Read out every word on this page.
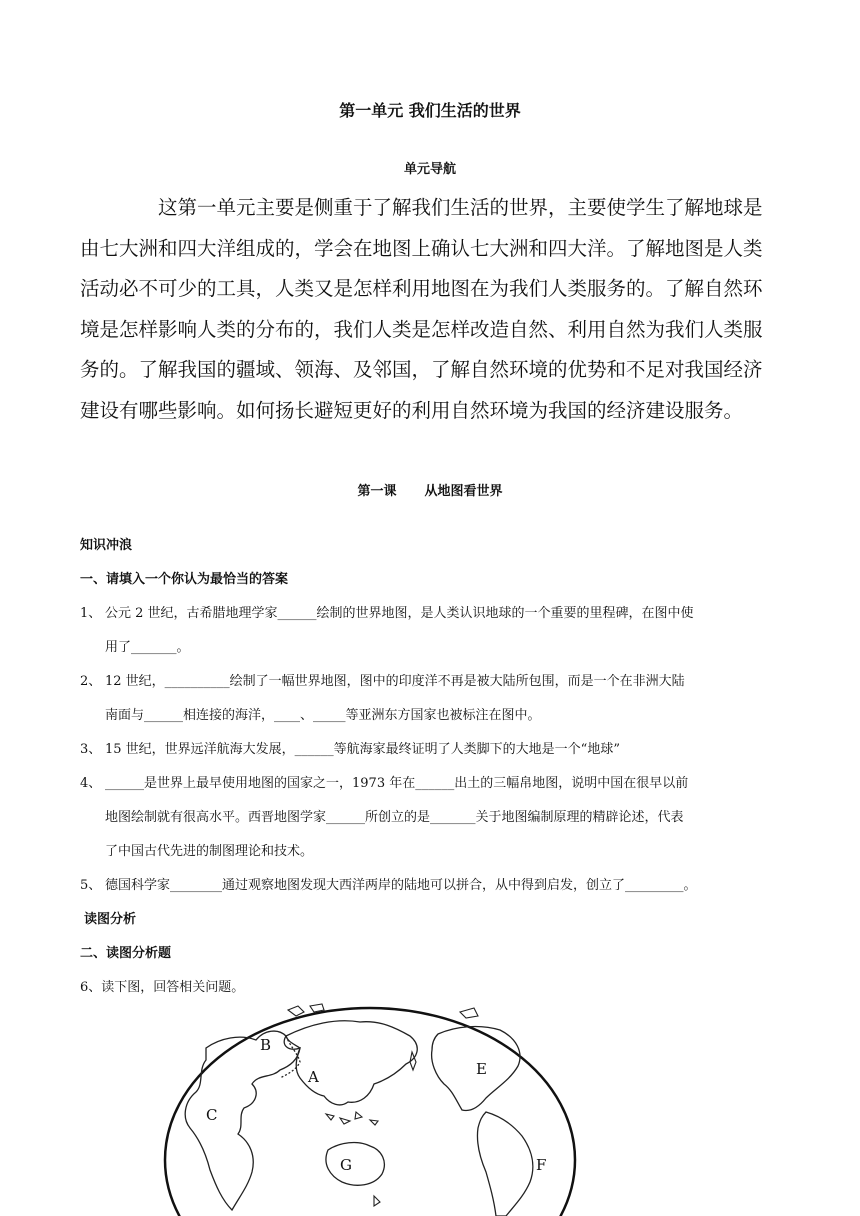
第一单元 我们生活的世界
单元导航
这第一单元主要是侧重于了解我们生活的世界，主要使学生了解地球是
由七大洲和四大洋组成的，学会在地图上确认七大洲和四大洋。了解地图是人类
活动必不可少的工具，人类又是怎样利用地图在为我们人类服务的。了解自然环
境是怎样影响人类的分布的，我们人类是怎样改造自然、利用自然为我们人类服
务的。了解我国的疆域、领海、及邻国，了解自然环境的优势和不足对我国经济
建设有哪些影响。如何扬长避短更好的利用自然环境为我国的经济建设服务。
第一课 从地图看世界
知识冲浪
一、请填入一个你认为最恰当的答案
1、 公元 2 世纪，古希腊地理学家______绘制的世界地图，是人类认识地球的一个重要的里程碑，在图中使
用了_______。
2、 12 世纪，__________绘制了一幅世界地图，图中的印度洋不再是被大陆所包围，而是一个在非洲大陆
南面与______相连接的海洋，____、_____等亚洲东方国家也被标注在图中。
3、 15 世纪，世界远洋航海大发展，______等航海家最终证明了人类脚下的大地是一个“地球”
4、 ______是世界上最早使用地图的国家之一，1973 年在______出土的三幅帛地图，说明中国在很早以前
地图绘制就有很高水平。西晋地图学家______所创立的是_______关于地图编制原理的精辟论述，代表
了中国古代先进的制图理论和技术。
5、 德国科学家________通过观察地图发现大西洋两岸的陆地可以拼合，从中得到启发，创立了_________。
读图分析
二、读图分析题
6、读下图，回答相关问题。
B
A
C
E
F
G
